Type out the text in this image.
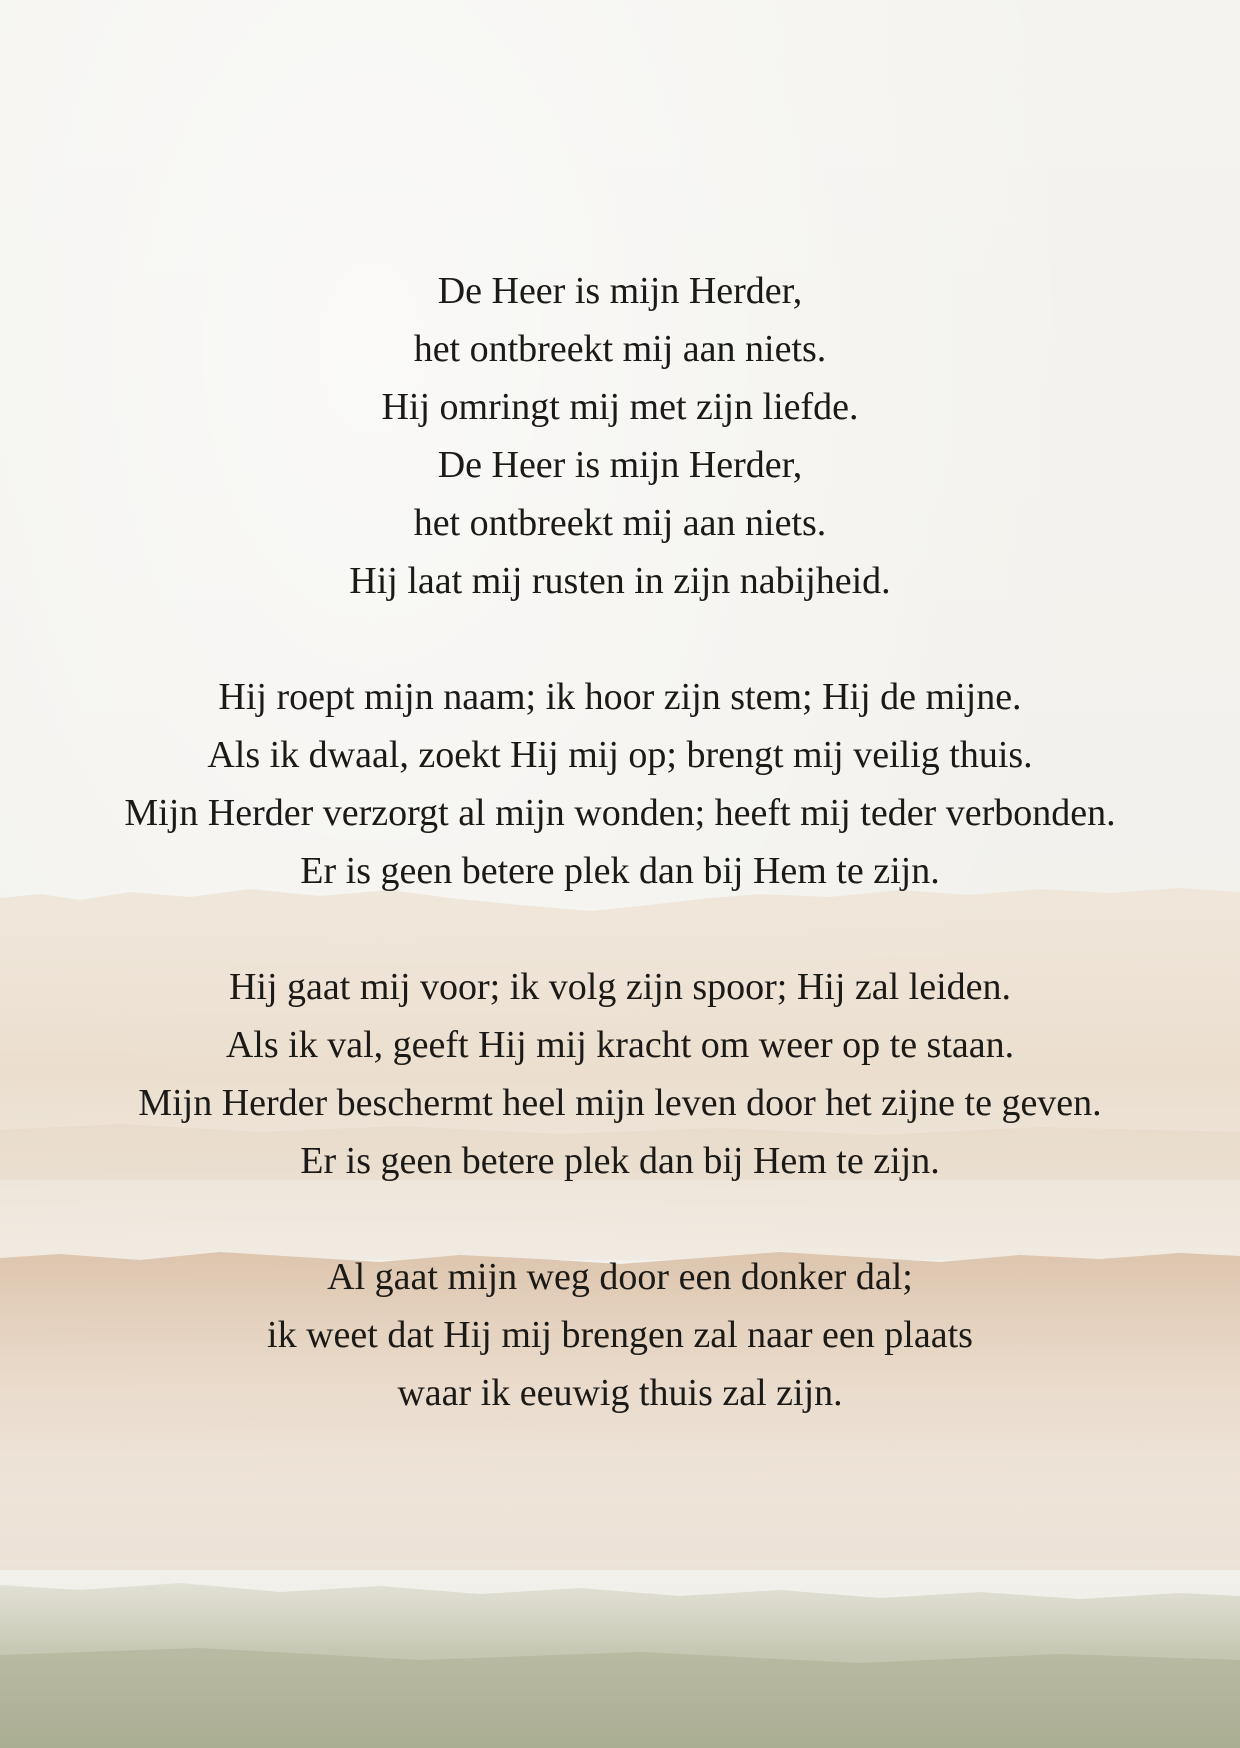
De Heer is mijn Herder,
het ontbreekt mij aan niets.
Hij omringt mij met zijn liefde.
De Heer is mijn Herder,
het ontbreekt mij aan niets.
Hij laat mij rusten in zijn nabijheid.
Hij roept mijn naam; ik hoor zijn stem; Hij de mijne.
Als ik dwaal, zoekt Hij mij op; brengt mij veilig thuis.
Mijn Herder verzorgt al mijn wonden; heeft mij teder verbonden.
Er is geen betere plek dan bij Hem te zijn.
Hij gaat mij voor; ik volg zijn spoor; Hij zal leiden.
Als ik val, geeft Hij mij kracht om weer op te staan.
Mijn Herder beschermt heel mijn leven door het zijne te geven.
Er is geen betere plek dan bij Hem te zijn.
Al gaat mijn weg door een donker dal;
ik weet dat Hij mij brengen zal naar een plaats
waar ik eeuwig thuis zal zijn.
